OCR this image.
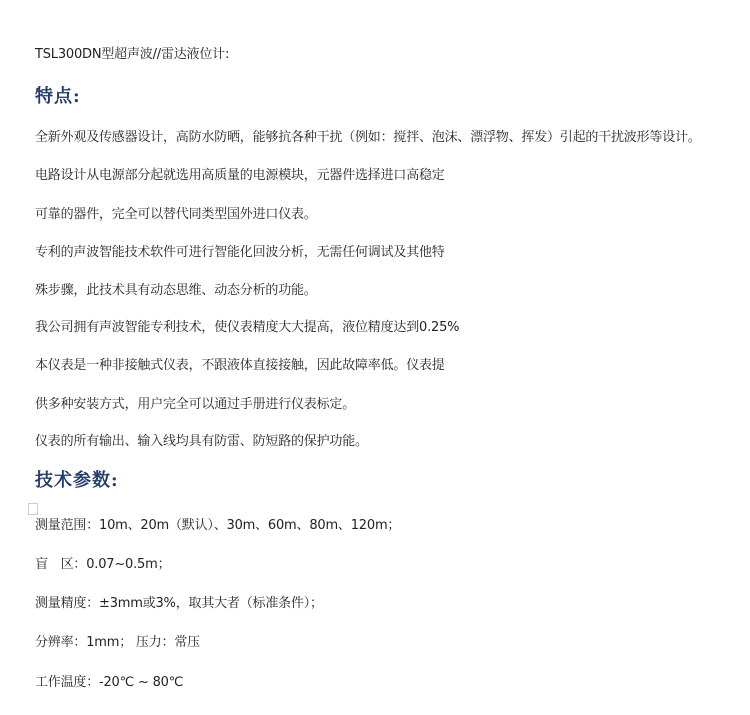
TSL300DN型超声波//雷达液位计:
特点:
全新外观及传感器设计，高防水防晒，能够抗各种干扰（例如：搅拌、泡沫、漂浮物、挥发）引起的干扰波形等设计。
电路设计从电源部分起就选用高质量的电源模块，元器件选择进口高稳定
可靠的器件，完全可以替代同类型国外进口仪表。
专利的声波智能技术软件可进行智能化回波分析，无需任何调试及其他特
殊步骤，此技术具有动态思维、动态分析的功能。
我公司拥有声波智能专利技术，使仪表精度大大提高，液位精度达到0.25%
本仪表是一种非接触式仪表，不跟液体直接接触，因此故障率低。仪表提
供多种安装方式，用户完全可以通过手册进行仪表标定。
仪表的所有输出、输入线均具有防雷、防短路的保护功能。
技术参数:
测量范围：10m、20m（默认）、30m、60m、80m、120m；
盲　区：0.07~0.5m；
测量精度：±3mm或3%，取其大者（标准条件）；
分辨率：1mm； 压力：常压
工作温度：-20℃ ~ 80℃
